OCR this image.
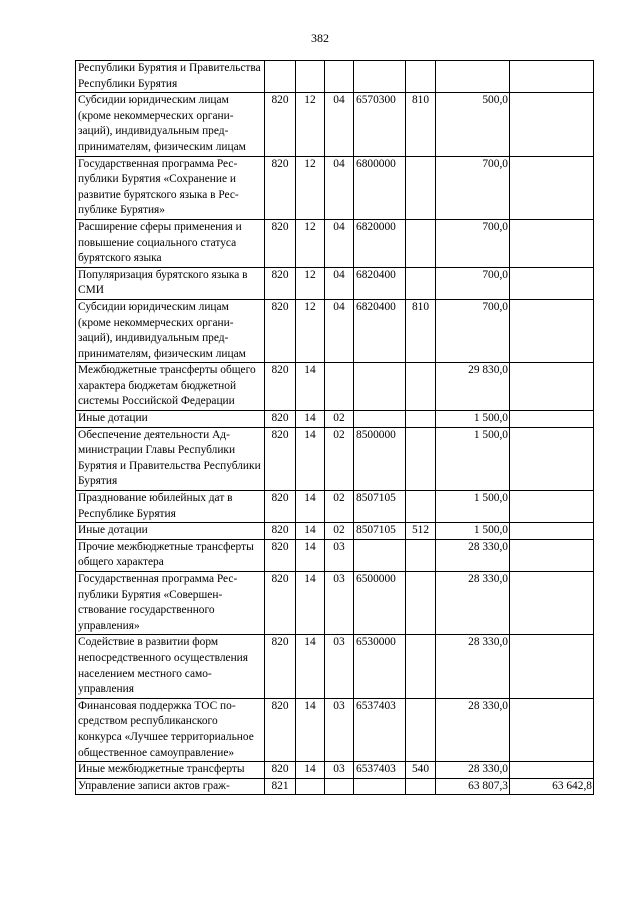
382
Республики Бурятия и Правительства Республики Бурятия							
Субсидии юридическим лицам (кроме некоммерческих организаций), индивидуальным предпринимателям, физическим лицам	820	12	04	6570300	810	500,0	
Государственная программа Республики Бурятия «Сохранение и развитие бурятского языка в Республике Бурятия»	820	12	04	6800000		700,0	
Расширение сферы применения и повышение социального статуса бурятского языка	820	12	04	6820000		700,0	
Популяризация бурятского языка в СМИ	820	12	04	6820400		700,0	
Субсидии юридическим лицам (кроме некоммерческих организаций), индивидуальным предпринимателям, физическим лицам	820	12	04	6820400	810	700,0	
Межбюджетные трансферты общего характера бюджетам бюджетной системы Российской Федерации	820	14				29 830,0	
Иные дотации	820	14	02			1 500,0	
Обеспечение деятельности Администрации Главы Республики Бурятия и Правительства Республики Бурятия	820	14	02	8500000		1 500,0	
Празднование юбилейных дат в Республике Бурятия	820	14	02	8507105		1 500,0	
Иные дотации	820	14	02	8507105	512	1 500,0	
Прочие межбюджетные трансферты общего характера	820	14	03			28 330,0	
Государственная программа Республики Бурятия «Совершенствование государственного управления»	820	14	03	6500000		28 330,0	
Содействие в развитии форм непосредственного осуществления населением местного самоуправления	820	14	03	6530000		28 330,0	
Финансовая поддержка ТОС посредством республиканского конкурса «Лучшее территориальное общественное самоуправление»	820	14	03	6537403		28 330,0	
Иные межбюджетные трансферты	820	14	03	6537403	540	28 330,0	
Управление записи актов граж-	821					63 807,3	63 642,8
